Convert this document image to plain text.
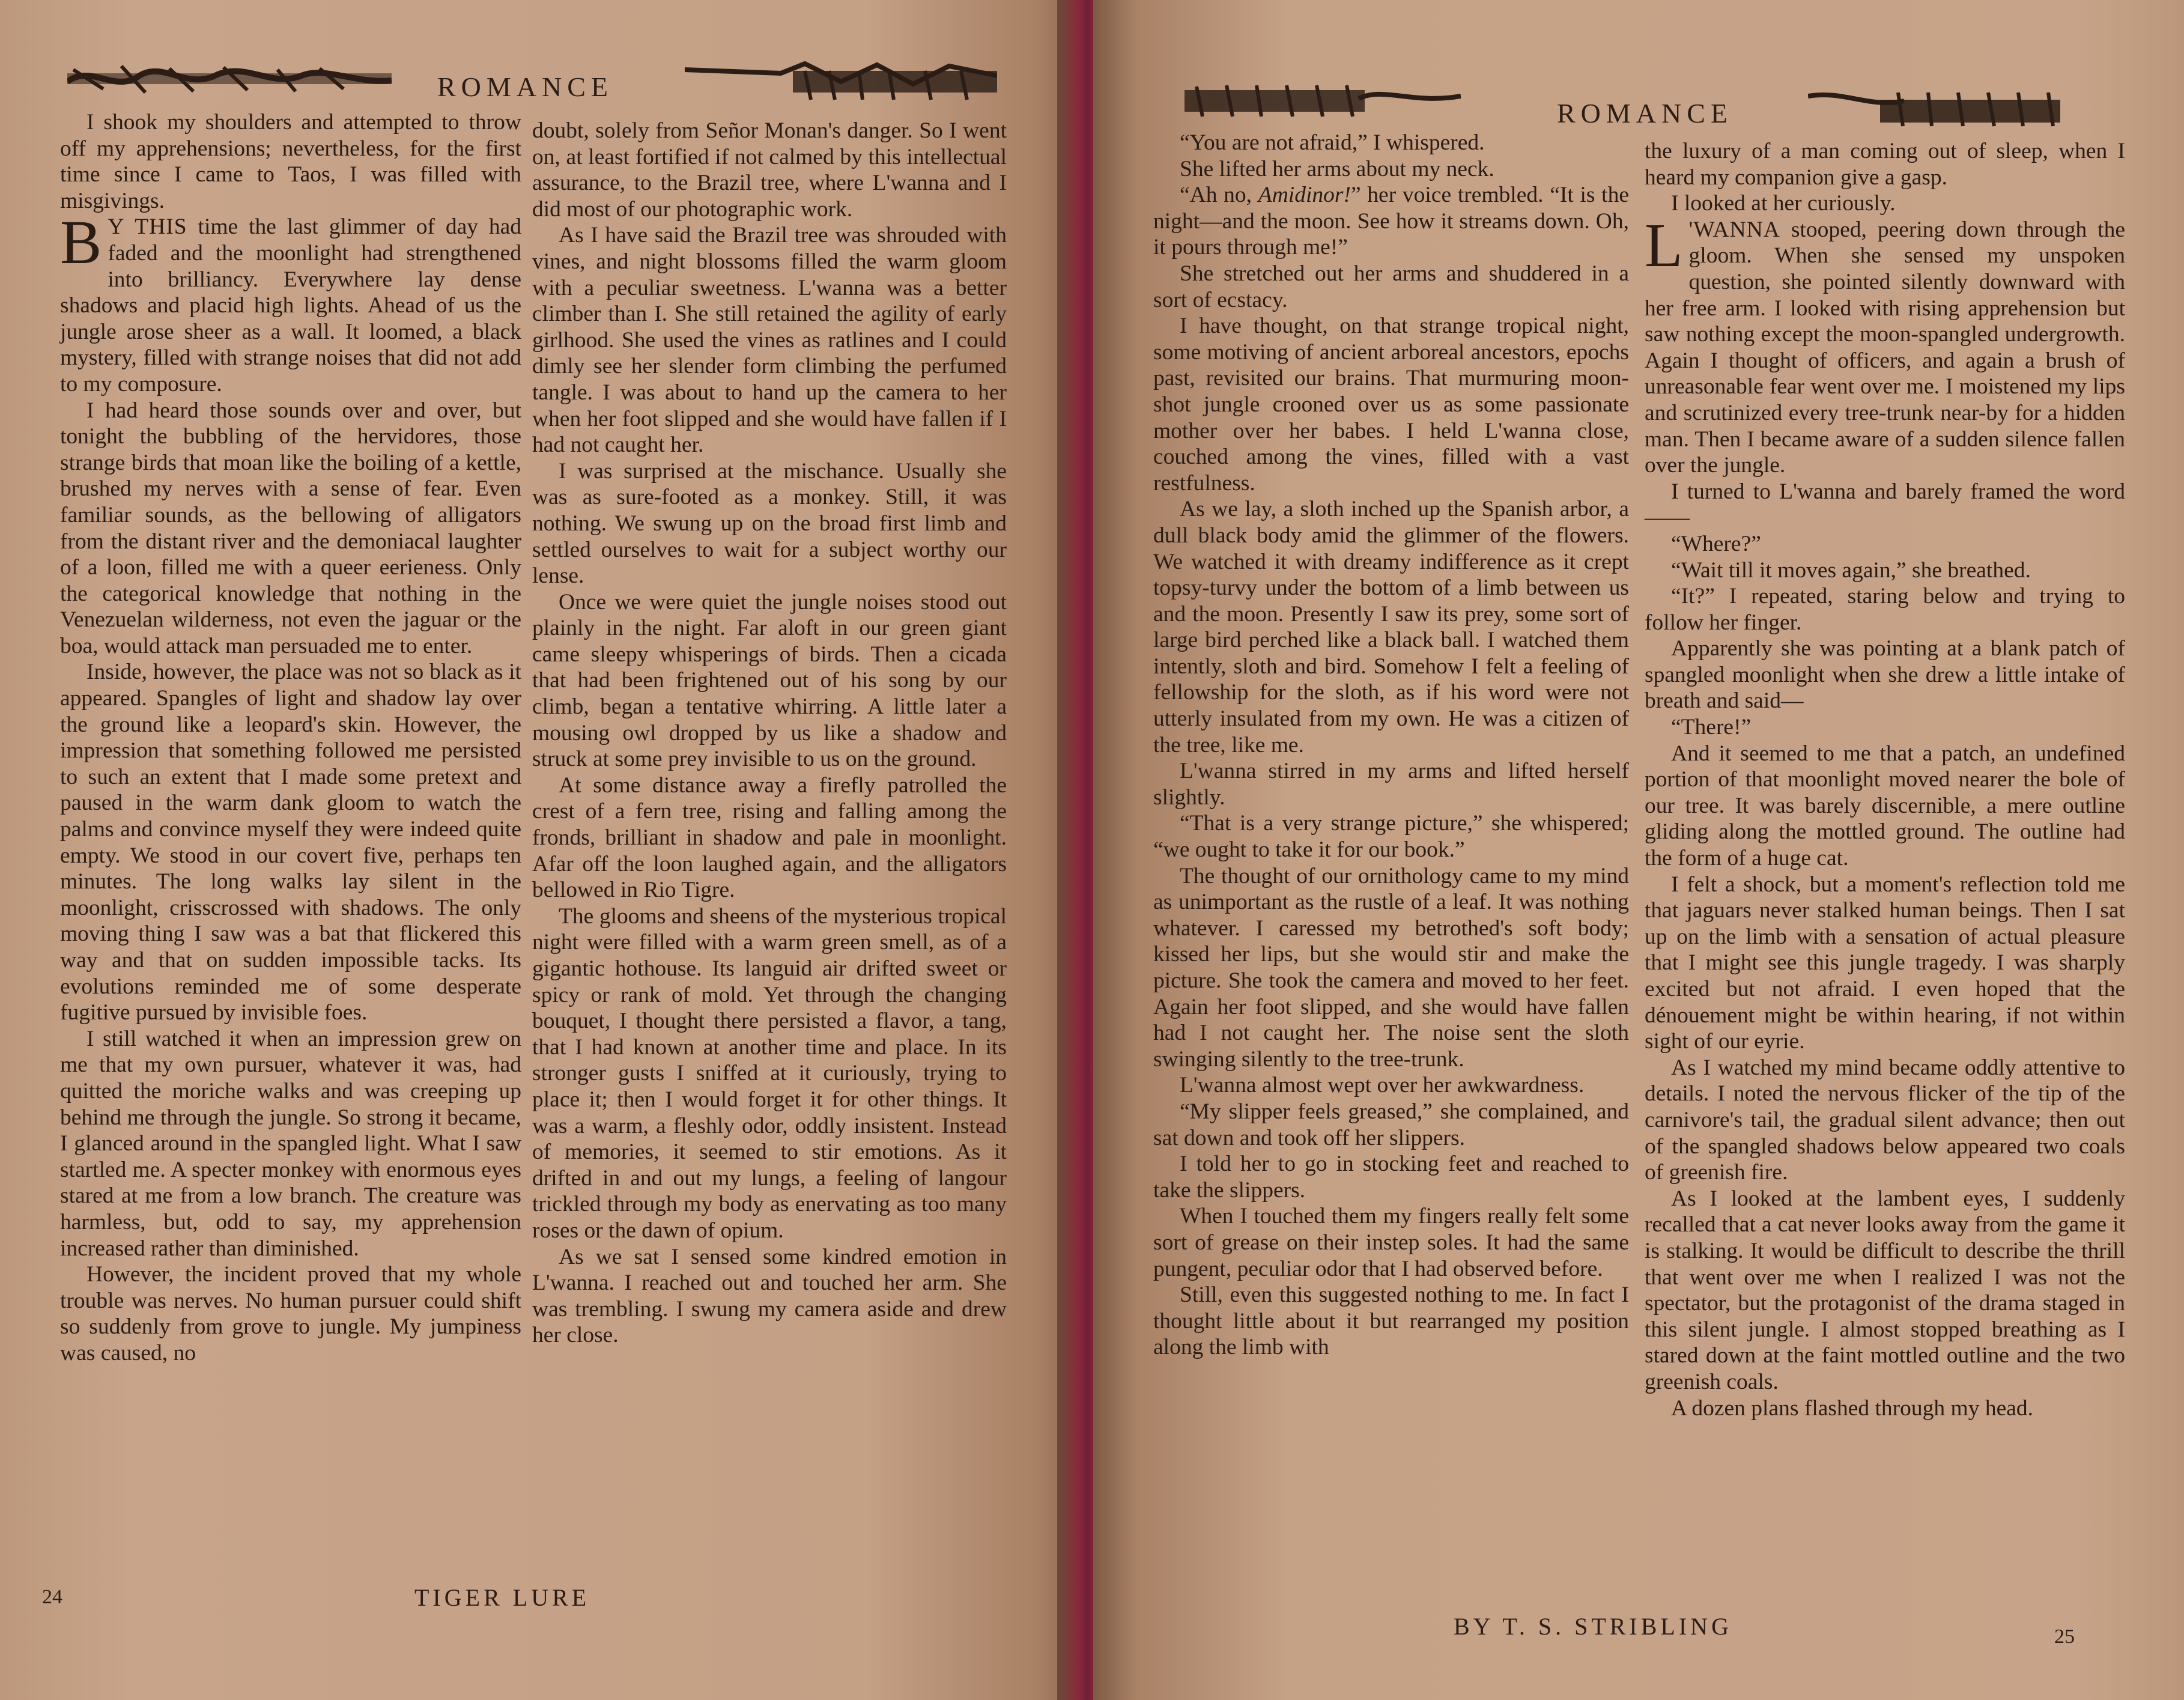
ROMANCE

I shook my shoulders and attempted to throw off my apprehensions; nevertheless, for the first time since I came to Taos, I was filled with misgivings.

B Y THIS time the last glimmer of day had faded and the moonlight had strengthened into brilliancy. Everywhere lay dense shadows and placid high lights. Ahead of us the jungle arose sheer as a wall. It loomed, a black mystery, filled with strange noises that did not add to my composure.

I had heard those sounds over and over, but tonight the bubbling of the hervidores, those strange birds that moan like the boiling of a kettle, brushed my nerves with a sense of fear. Even familiar sounds, as the bellowing of alligators from the distant river and the demoniacal laughter of a loon, filled me with a queer eerieness. Only the categorical knowledge that nothing in the Venezuelan wilderness, not even the jaguar or the boa, would attack man persuaded me to enter.

Inside, however, the place was not so black as it appeared. Spangles of light and shadow lay over the ground like a leopard's skin. However, the impression that something followed me persisted to such an extent that I made some pretext and paused in the warm dank gloom to watch the palms and convince myself they were indeed quite empty. We stood in our covert five, perhaps ten minutes. The long walks lay silent in the moonlight, crisscrossed with shadows. The only moving thing I saw was a bat that flickered this way and that on sudden impossible tacks. Its evolutions reminded me of some desperate fugitive pursued by invisible foes.

I still watched it when an impression grew on me that my own pursuer, whatever it was, had quitted the moriche walks and was creeping up behind me through the jungle. So strong it became, I glanced around in the spangled light. What I saw startled me. A specter monkey with enormous eyes stared at me from a low branch. The creature was harmless, but, odd to say, my apprehension increased rather than diminished.

However, the incident proved that my whole trouble was nerves. No human pursuer could shift so suddenly from grove to jungle. My jumpiness was caused, no

doubt, solely from Señor Monan's danger. So I went on, at least fortified if not calmed by this intellectual assurance, to the Brazil tree, where L'wanna and I did most of our photographic work.

As I have said the Brazil tree was shrouded with vines, and night blossoms filled the warm gloom with a peculiar sweetness. L'wanna was a better climber than I. She still retained the agility of early girlhood. She used the vines as ratlines and I could dimly see her slender form climbing the perfumed tangle. I was about to hand up the camera to her when her foot slipped and she would have fallen if I had not caught her.

I was surprised at the mischance. Usually she was as sure-footed as a monkey. Still, it was nothing. We swung up on the broad first limb and settled ourselves to wait for a subject worthy our lense.

Once we were quiet the jungle noises stood out plainly in the night. Far aloft in our green giant came sleepy whisperings of birds. Then a cicada that had been frightened out of his song by our climb, began a tentative whirring. A little later a mousing owl dropped by us like a shadow and struck at some prey invisible to us on the ground.

At some distance away a firefly patrolled the crest of a fern tree, rising and falling among the fronds, brilliant in shadow and pale in moonlight. Afar off the loon laughed again, and the alligators bellowed in Rio Tigre.

The glooms and sheens of the mysterious tropical night were filled with a warm green smell, as of a gigantic hothouse. Its languid air drifted sweet or spicy or rank of mold. Yet through the changing bouquet, I thought there persisted a flavor, a tang, that I had known at another time and place. In its stronger gusts I sniffed at it curiously, trying to place it; then I would forget it for other things. It was a warm, a fleshly odor, oddly insistent. Instead of memories, it seemed to stir emotions. As it drifted in and out my lungs, a feeling of langour trickled through my body as enervating as too many roses or the dawn of opium.

As we sat I sensed some kindred emotion in L'wanna. I reached out and touched her arm. She was trembling. I swung my camera aside and drew her close.

24	TIGER LURE
ROMANCE

“You are not afraid,” I whispered.

She lifted her arms about my neck.

“Ah no, Amidinor!” her voice trembled. “It is the night—and the moon. See how it streams down. Oh, it pours through me!”

She stretched out her arms and shuddered in a sort of ecstacy.

I have thought, on that strange tropical night, some motiving of ancient arboreal ancestors, epochs past, revisited our brains. That murmuring moon-shot jungle crooned over us as some passionate mother over her babes. I held L'wanna close, couched among the vines, filled with a vast restfulness.

As we lay, a sloth inched up the Spanish arbor, a dull black body amid the glimmer of the flowers. We watched it with dreamy indifference as it crept topsy-turvy under the bottom of a limb between us and the moon. Presently I saw its prey, some sort of large bird perched like a black ball. I watched them intently, sloth and bird. Somehow I felt a feeling of fellowship for the sloth, as if his word were not utterly insulated from my own. He was a citizen of the tree, like me.

L'wanna stirred in my arms and lifted herself slightly.

“That is a very strange picture,” she whispered; “we ought to take it for our book.”

The thought of our ornithology came to my mind as unimportant as the rustle of a leaf. It was nothing whatever. I caressed my betrothed's soft body; kissed her lips, but she would stir and make the picture. She took the camera and moved to her feet. Again her foot slipped, and she would have fallen had I not caught her. The noise sent the sloth swinging silently to the tree-trunk.

L'wanna almost wept over her awkwardness.

“My slipper feels greased,” she complained, and sat down and took off her slippers.

I told her to go in stocking feet and reached to take the slippers.

When I touched them my fingers really felt some sort of grease on their instep soles. It had the same pungent, peculiar odor that I had observed before.

Still, even this suggested nothing to me. In fact I thought little about it but rearranged my position along the limb with

the luxury of a man coming out of sleep, when I heard my companion give a gasp.

I looked at her curiously.

L 'WANNA stooped, peering down through the gloom. When she sensed my unspoken question, she pointed silently downward with her free arm. I looked with rising apprehension but saw nothing except the moon-spangled undergrowth. Again I thought of officers, and again a brush of unreasonable fear went over me. I moistened my lips and scrutinized every tree-trunk near-by for a hidden man. Then I became aware of a sudden silence fallen over the jungle.

I turned to L'wanna and barely framed the word——

“Where?”

“Wait till it moves again,” she breathed.

“It?” I repeated, staring below and trying to follow her finger.

Apparently she was pointing at a blank patch of spangled moonlight when she drew a little intake of breath and said—

“There!”

And it seemed to me that a patch, an undefined portion of that moonlight moved nearer the bole of our tree. It was barely discernible, a mere outline gliding along the mottled ground. The outline had the form of a huge cat.

I felt a shock, but a moment's reflection told me that jaguars never stalked human beings. Then I sat up on the limb with a sensation of actual pleasure that I might see this jungle tragedy. I was sharply excited but not afraid. I even hoped that the dénouement might be within hearing, if not within sight of our eyrie.

As I watched my mind became oddly attentive to details. I noted the nervous flicker of the tip of the carnivore's tail, the gradual silent advance; then out of the spangled shadows below appeared two coals of greenish fire.

As I looked at the lambent eyes, I suddenly recalled that a cat never looks away from the game it is stalking. It would be difficult to describe the thrill that went over me when I realized I was not the spectator, but the protagonist of the drama staged in this silent jungle. I almost stopped breathing as I stared down at the faint mottled outline and the two greenish coals.

A dozen plans flashed through my head.

BY T. S. STRIBLING	25
